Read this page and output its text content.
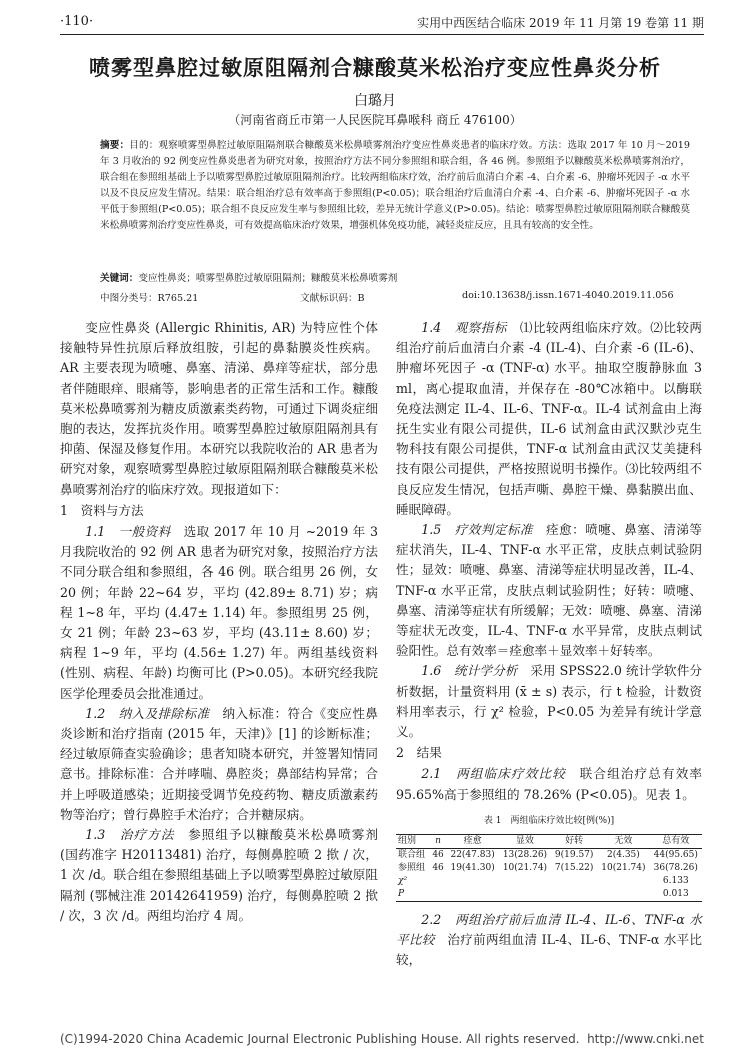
·110·	实用中西医结合临床 2019 年 11 月第 19 卷第 11 期
喷雾型鼻腔过敏原阻隔剂合糠酸莫米松治疗变应性鼻炎分析
白璐月
（河南省商丘市第一人民医院耳鼻喉科 商丘 476100）
摘要：目的：观察喷雾型鼻腔过敏原阻隔剂联合糠酸莫米松鼻喷雾剂治疗变应性鼻炎患者的临床疗效。方法：选取 2017 年 10 月～2019 年 3 月收治的 92 例变应性鼻炎患者为研究对象，按照治疗方法不同分参照组和联合组，各 46 例。参照组予以糠酸莫米松鼻喷雾剂治疗，联合组在参照组基础上予以喷雾型鼻腔过敏原阻隔剂治疗。比较两组临床疗效，治疗前后血清白介素 -4、白介素 -6、肿瘤坏死因子 -α 水平以及不良反应发生情况。结果：联合组治疗总有效率高于参照组(P<0.05)；联合组治疗后血清白介素 -4、白介素 -6、肿瘤坏死因子 -α 水平低于参照组(P<0.05)；联合组不良反应发生率与参照组比较，差异无统计学意义(P>0.05)。结论：喷雾型鼻腔过敏原阻隔剂联合糠酸莫米松鼻喷雾剂治疗变应性鼻炎，可有效提高临床治疗效果，增强机体免疫功能，减轻炎症反应，且具有较高的安全性。
关键词：变应性鼻炎；喷雾型鼻腔过敏原阻隔剂；糠酸莫米松鼻喷雾剂
中图分类号：R765.21	文献标识码：B	doi:10.13638/j.issn.1671-4040.2019.11.056

变应性鼻炎 (Allergic Rhinitis, AR) 为特应性个体接触特异性抗原后释放组胺，引起的鼻黏膜炎性疾病。AR 主要表现为喷嚏、鼻塞、清涕、鼻痒等症状，部分患者伴随眼痒、眼痛等，影响患者的正常生活和工作。糠酸莫米松鼻喷雾剂为糖皮质激素类药物，可通过下调炎症细胞的表达，发挥抗炎作用。喷雾型鼻腔过敏原阻隔剂具有抑菌、保湿及修复作用。本研究以我院收治的 AR 患者为研究对象，观察喷雾型鼻腔过敏原阻隔剂联合糠酸莫米松鼻喷雾剂治疗的临床疗效。现报道如下：

1　资料与方法

1.1　一般资料　 选取 2017 年 10 月 ~2019 年 3 月我院收治的 92 例 AR 患者为研究对象，按照治疗方法不同分联合组和参照组，各 46 例。联合组男 26 例，女 20 例；年龄 22~64 岁，平均 (42.89± 8.71) 岁；病程 1~8 年，平均 (4.47± 1.14) 年。参照组男 25 例，女 21 例；年龄 23~63 岁，平均 (43.11± 8.60) 岁；病程 1~9 年，平均 (4.56± 1.27) 年。两组基线资料 (性别、病程、年龄) 均衡可比 (P>0.05)。本研究经我院医学伦理委员会批准通过。

1.2　纳入及排除标准　 纳入标准：符合《变应性鼻炎诊断和治疗指南 (2015 年，天津)》[1] 的诊断标准；经过敏原筛查实验确诊；患者知晓本研究，并签署知情同意书。排除标准：合并哮喘、鼻腔炎；鼻部结构异常；合并上呼吸道感染；近期接受调节免疫药物、糖皮质激素药物等治疗；曾行鼻腔手术治疗；合并糖尿病。

1.3　治疗方法　 参照组予以糠酸莫米松鼻喷雾剂 (国药准字 H20113481) 治疗，每侧鼻腔喷 2 揿 / 次，1 次 /d。联合组在参照组基础上予以喷雾型鼻腔过敏原阻隔剂 (鄂械注准 20142641959) 治疗，每侧鼻腔喷 2 揿 / 次，3 次 /d。两组均治疗 4 周。

1.4　观察指标　 ⑴比较两组临床疗效。⑵比较两组治疗前后血清白介素 -4 (IL-4)、白介素 -6 (IL-6)、肿瘤坏死因子 -α (TNF-α) 水平。抽取空腹静脉血 3 ml，离心提取血清，并保存在 -80℃冰箱中。以酶联免疫法测定 IL-4、IL-6、TNF-α。IL-4 试剂盒由上海抚生实业有限公司提供，IL-6 试剂盒由武汉默沙克生物科技有限公司提供，TNF-α 试剂盒由武汉艾美捷科技有限公司提供，严格按照说明书操作。⑶比较两组不良反应发生情况，包括声嘶、鼻腔干燥、鼻黏膜出血、睡眠障碍。

1.5　疗效判定标准　 痊愈：喷嚏、鼻塞、清涕等症状消失，IL-4、TNF-α 水平正常，皮肤点刺试验阴性；显效：喷嚏、鼻塞、清涕等症状明显改善，IL-4、TNF-α 水平正常，皮肤点刺试验阴性；好转：喷嚏、鼻塞、清涕等症状有所缓解；无效：喷嚏、鼻塞、清涕等症状无改变，IL-4、TNF-α 水平异常，皮肤点刺试验阳性。总有效率＝痊愈率＋显效率＋好转率。

1.6　统计学分析　 采用 SPSS22.0 统计学软件分析数据，计量资料用 (x̄ ± s) 表示，行 t 检验，计数资料用率表示，行 χ² 检验，P<0.05 为差异有统计学意义。

2　结果

2.1　两组临床疗效比较　 联合组治疗总有效率 95.65%高于参照组的 78.26% (P<0.05)。见表 1。

表 1　两组临床疗效比较[例(%)]
组别	n	痊愈	显效	好转	无效	总有效
联合组	46	22(47.83)	13(28.26)	9(19.57)	2(4.35)	44(95.65)
参照组	46	19(41.30)	10(21.74)	7(15.22)	10(21.74)	36(78.26)
χ²						6.133
P						0.013

2.2　两组治疗前后血清 IL-4、IL-6、TNF-α 水平比较　 治疗前两组血清 IL-4、IL-6、TNF-α 水平比较，

(C)1994-2020 China Academic Journal Electronic Publishing House. All rights reserved. http://www.cnki.net
